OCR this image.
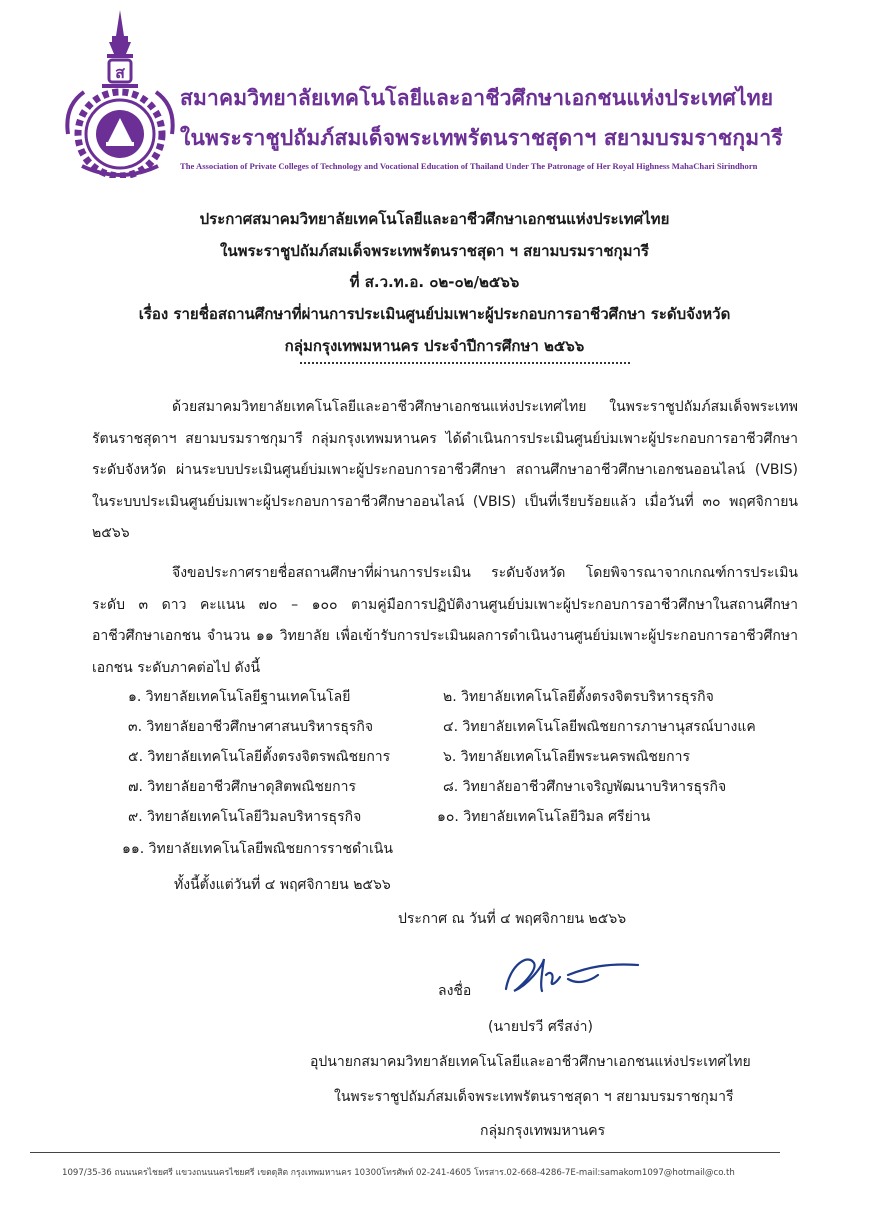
ส
สมาคมวิทยาลัยเทคโนโลยีและอาชีวศึกษาเอกชนแห่งประเทศไทย
ในพระราชูปถัมภ์สมเด็จพระเทพรัตนราชสุดาฯ สยามบรมราชกุมารี
The Association of Private Colleges of Technology and Vocational Education of Thailand Under The Patronage of Her Royal Highness MahaChari Sirindhorn
ประกาศสมาคมวิทยาลัยเทคโนโลยีและอาชีวศึกษาเอกชนแห่งประเทศไทย
ในพระราชูปถัมภ์สมเด็จพระเทพรัตนราชสุดา ฯ สยามบรมราชกุมารี
ที่ ส.ว.ท.อ. ๐๒-๐๒/๒๕๖๖
เรื่อง รายชื่อสถานศึกษาที่ผ่านการประเมินศูนย์บ่มเพาะผู้ประกอบการอาชีวศึกษา ระดับจังหวัด
กลุ่มกรุงเทพมหานคร ประจำปีการศึกษา ๒๕๖๖
ด้วยสมาคมวิทยาลัยเทคโนโลยีและอาชีวศึกษาเอกชนแห่งประเทศไทย ในพระราชูปถัมภ์สมเด็จพระเทพรัตนราชสุดาฯ สยามบรมราชกุมารี กลุ่มกรุงเทพมหานคร ได้ดำเนินการประเมินศูนย์บ่มเพาะผู้ประกอบการอาชีวศึกษา ระดับจังหวัด ผ่านระบบประเมินศูนย์บ่มเพาะผู้ประกอบการอาชีวศึกษา สถานศึกษาอาชีวศึกษาเอกชนออนไลน์ (VBIS) ในระบบประเมินศูนย์บ่มเพาะผู้ประกอบการอาชีวศึกษาออนไลน์ (VBIS) เป็นที่เรียบร้อยแล้ว เมื่อวันที่ ๓๐ พฤศจิกายน ๒๕๖๖
จึงขอประกาศรายชื่อสถานศึกษาที่ผ่านการประเมิน ระดับจังหวัด โดยพิจารณาจากเกณฑ์การประเมิน ระดับ ๓ ดาว คะแนน ๗๐ – ๑๐๐ ตามคู่มือการปฏิบัติงานศูนย์บ่มเพาะผู้ประกอบการอาชีวศึกษาในสถานศึกษาอาชีวศึกษาเอกชน จำนวน ๑๑ วิทยาลัย เพื่อเข้ารับการประเมินผลการดำเนินงานศูนย์บ่มเพาะผู้ประกอบการอาชีวศึกษาเอกชน ระดับภาคต่อไป ดังนี้
๑. วิทยาลัยเทคโนโลยีฐานเทคโนโลยี	๒. วิทยาลัยเทคโนโลยีตั้งตรงจิตรบริหารธุรกิจ
๓. วิทยาลัยอาชีวศึกษาศาสนบริหารธุรกิจ	๔. วิทยาลัยเทคโนโลยีพณิชยการภาษานุสรณ์บางแค
๕. วิทยาลัยเทคโนโลยีตั้งตรงจิตรพณิชยการ	๖. วิทยาลัยเทคโนโลยีพระนครพณิชยการ
๗. วิทยาลัยอาชีวศึกษาดุสิตพณิชยการ	๘. วิทยาลัยอาชีวศึกษาเจริญพัฒนาบริหารธุรกิจ
๙. วิทยาลัยเทคโนโลยีวิมลบริหารธุรกิจ	๑๐. วิทยาลัยเทคโนโลยีวิมล ศรีย่าน
๑๑. วิทยาลัยเทคโนโลยีพณิชยการราชดำเนิน
ทั้งนี้ตั้งแต่วันที่ ๔ พฤศจิกายน ๒๕๖๖
ประกาศ ณ วันที่ ๔ พฤศจิกายน ๒๕๖๖
ลงชื่อ
(นายปรวี ศรีสง่า)
อุปนายกสมาคมวิทยาลัยเทคโนโลยีและอาชีวศึกษาเอกชนแห่งประเทศไทย
ในพระราชูปถัมภ์สมเด็จพระเทพรัตนราชสุดา ฯ สยามบรมราชกุมารี
กลุ่มกรุงเทพมหานคร
1097/35-36 ถนนนครไชยศรี แขวงถนนนครไชยศรี เขตดุสิต กรุงเทพมหานคร 10300โทรศัพท์ 02-241-4605 โทรสาร.02-668-4286-7E-mail:samakom1097@hotmail@co.th
